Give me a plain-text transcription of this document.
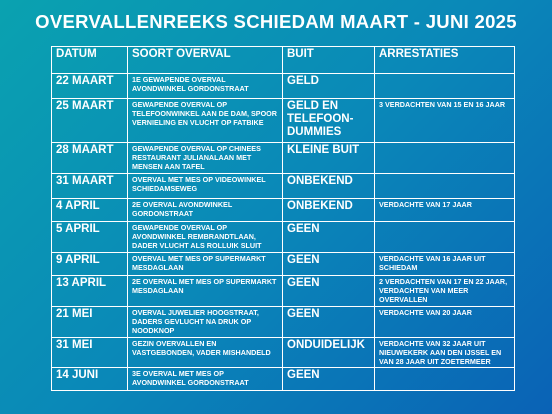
OVERVALLENREEKS SCHIEDAM MAART - JUNI 2025
DATUM	SOORT OVERVAL	BUIT	ARRESTATIES
22 MAART	1E GEWAPENDE OVERVAL AVONDWINKEL GORDONSTRAAT	GELD	
25 MAART	GEWAPENDE OVERVAL OP TELEFOONWINKEL AAN DE DAM, SPOOR VERNIELING EN VLUCHT OP FATBIKE	GELD EN TELEFOON-DUMMIES	3 VERDACHTEN VAN 15 EN 16 JAAR
28 MAART	GEWAPENDE OVERVAL OP CHINEES RESTAURANT JULIANALAAN MET MENSEN AAN TAFEL	KLEINE BUIT	
31 MAART	OVERVAL MET MES OP VIDEOWINKEL SCHIEDAMSEWEG	ONBEKEND	
4 APRIL	2E OVERVAL AVONDWINKEL GORDONSTRAAT	ONBEKEND	VERDACHTE VAN 17 JAAR
5 APRIL	GEWAPENDE OVERVAL OP AVONDWINKEL REMBRANDTLAAN, DADER VLUCHT ALS ROLLUIK SLUIT	GEEN	
9 APRIL	OVERVAL MET MES OP SUPERMARKT MESDAGLAAN	GEEN	VERDACHTE VAN 16 JAAR UIT SCHIEDAM
13 APRIL	2E OVERVAL MET MES OP SUPERMARKT MESDAGLAAN	GEEN	2 VERDACHTEN VAN 17 EN 22 JAAR, VERDACHTEN VAN MEER OVERVALLEN
21 MEI	OVERVAL JUWELIER HOOGSTRAAT, DADERS GEVLUCHT NA DRUK OP NOODKNOP	GEEN	VERDACHTE VAN 20 JAAR
31 MEI	GEZIN OVERVALLEN EN VASTGEBONDEN, VADER MISHANDELD	ONDUIDELIJK	VERDACHTE VAN 32 JAAR UIT NIEUWEKERK AAN DEN IJSSEL EN VAN 28 JAAR UIT ZOETERMEER
14 JUNI	3E OVERVAL MET MES OP AVONDWINKEL GORDONSTRAAT	GEEN	
